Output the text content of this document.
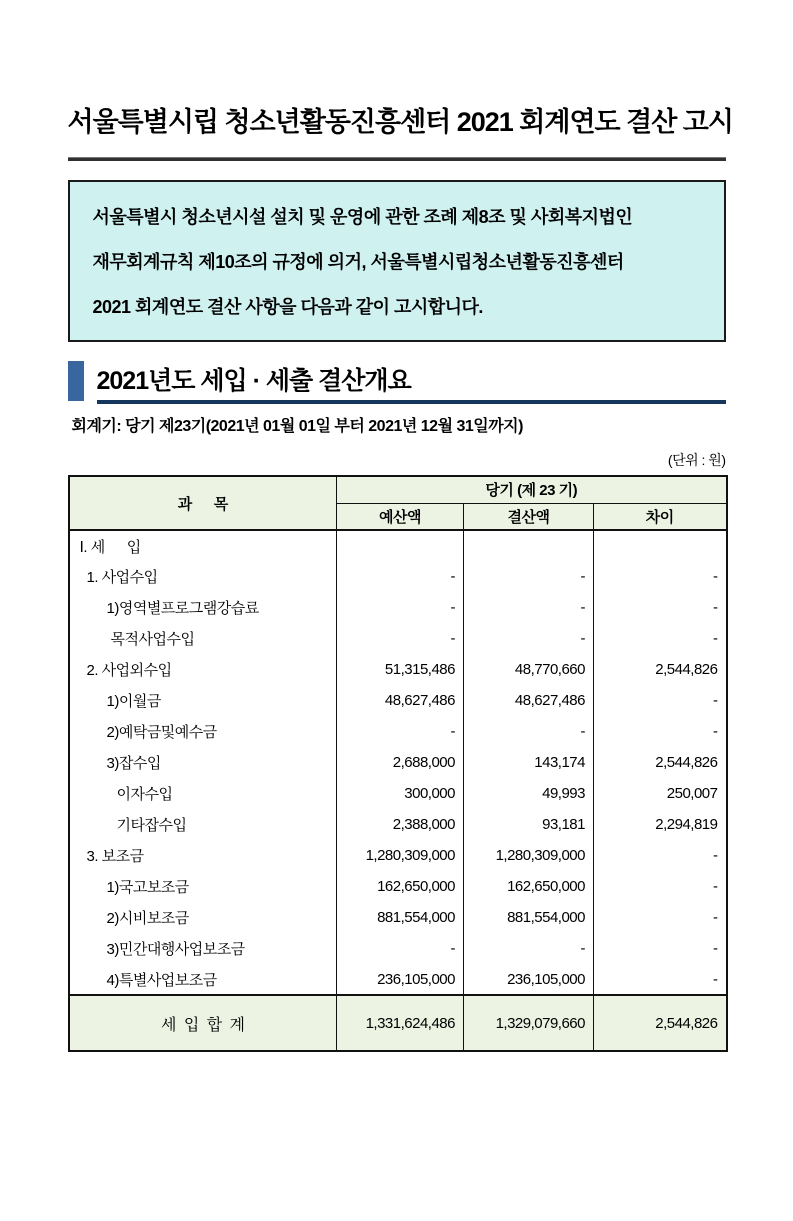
서울특별시립 청소년활동진흥센터 2021 회계연도 결산 고시
서울특별시 청소년시설 설치 및 운영에 관한 조례 제8조 및 사회복지법인
재무회계규칙 제10조의 규정에 의거, 서울특별시립청소년활동진흥센터
2021 회계연도 결산 사항을 다음과 같이 고시합니다.
2021년도 세입 · 세출 결산개요
회계기: 당기 제23기(2021년 01월 01일 부터 2021년 12월 31일까지)
(단위 : 원)
과      목	당기 (제 23 기)		
	예산액	결산액	차이
Ⅰ. 세      입			
1. 사업수입	-	-	-
1)영역별프로그램강습료	-	-	-
목적사업수입	-	-	-
2. 사업외수입	51,315,486	48,770,660	2,544,826
1)이월금	48,627,486	48,627,486	-
2)예탁금및예수금	-	-	-
3)잡수입	2,688,000	143,174	2,544,826
이자수입	300,000	49,993	250,007
기타잡수입	2,388,000	93,181	2,294,819
3. 보조금	1,280,309,000	1,280,309,000	-
1)국고보조금	162,650,000	162,650,000	-
2)시비보조금	881,554,000	881,554,000	-
3)민간대행사업보조금	-	-	-
4)특별사업보조금	236,105,000	236,105,000	-
세  입  합  계	1,331,624,486	1,329,079,660	2,544,826
